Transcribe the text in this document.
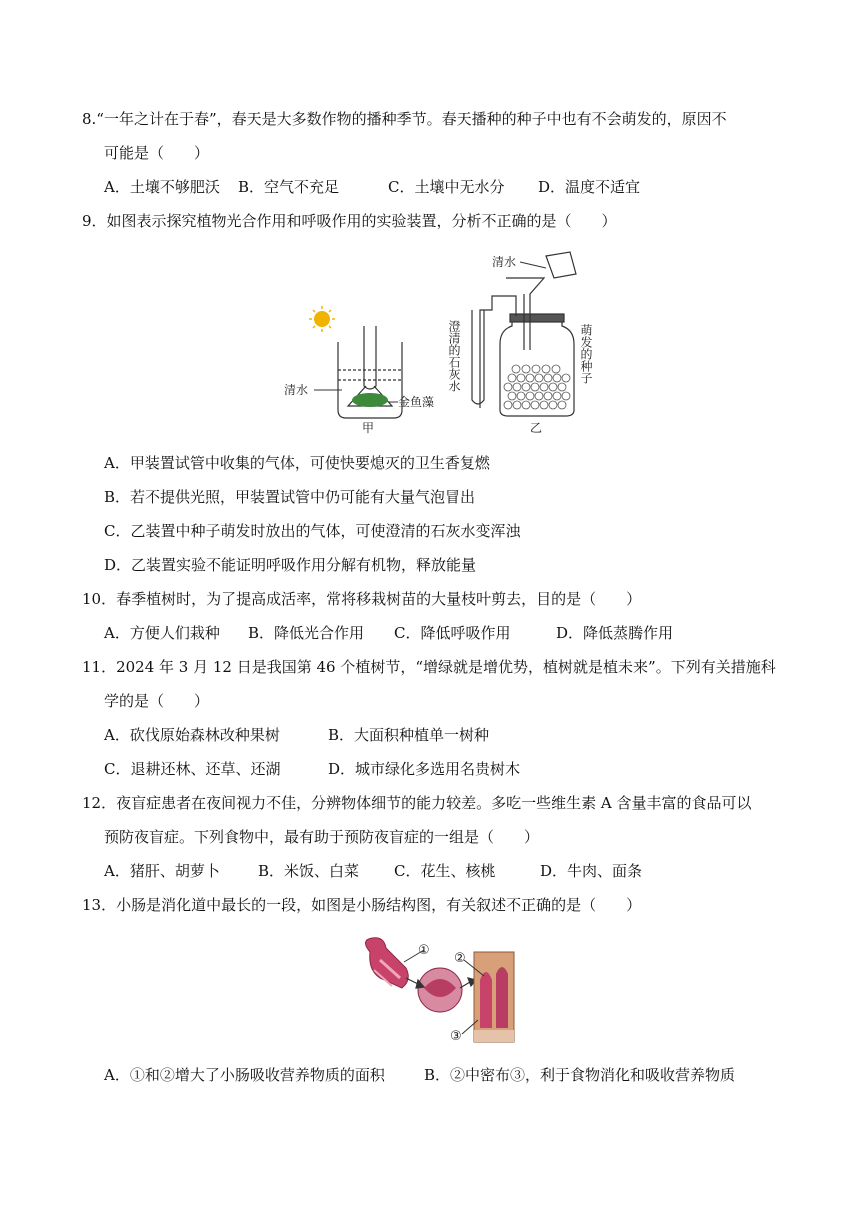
8.“一年之计在于春”，春天是大多数作物的播种季节。春天播种的种子中也有不会萌发的，原因不
可能是（　　）
A．土壤不够肥沃 B．空气不充足	C．土壤中无水分 D．温度不适宜
9．如图表示探究植物光合作用和呼吸作用的实验装置，分析不正确的是（　　）
清水
金鱼藻
甲
清水
澄清的石灰水	萌发的种子
乙
A．甲装置试管中收集的气体，可使快要熄灭的卫生香复燃
B．若不提供光照，甲装置试管中仍可能有大量气泡冒出
C．乙装置中种子萌发时放出的气体，可使澄清的石灰水变浑浊
D．乙装置实验不能证明呼吸作用分解有机物，释放能量
10．春季植树时，为了提高成活率，常将移栽树苗的大量枝叶剪去，目的是（　　）
A．方便人们栽种 B．降低光合作用 C．降低呼吸作用	D．降低蒸腾作用
11．2024 年 3 月 12 日是我国第 46 个植树节，“增绿就是增优势，植树就是植未来”。下列有关措施科
学的是（　　）
A．砍伐原始森林改种果树	B．大面积种植单一树种
C．退耕还林、还草、还湖	D．城市绿化多选用名贵树木
12．夜盲症患者在夜间视力不佳，分辨物体细节的能力较差。多吃一些维生素 A 含量丰富的食品可以
预防夜盲症。下列食物中，最有助于预防夜盲症的一组是（　　）
A．猪肝、胡萝卜	B．米饭、白菜 C．花生、核桃	D．牛肉、面条
13．小肠是消化道中最长的一段，如图是小肠结构图，有关叙述不正确的是（　　）
①
②
③
A．①和②增大了小肠吸收营养物质的面积	B．②中密布③，利于食物消化和吸收营养物质
